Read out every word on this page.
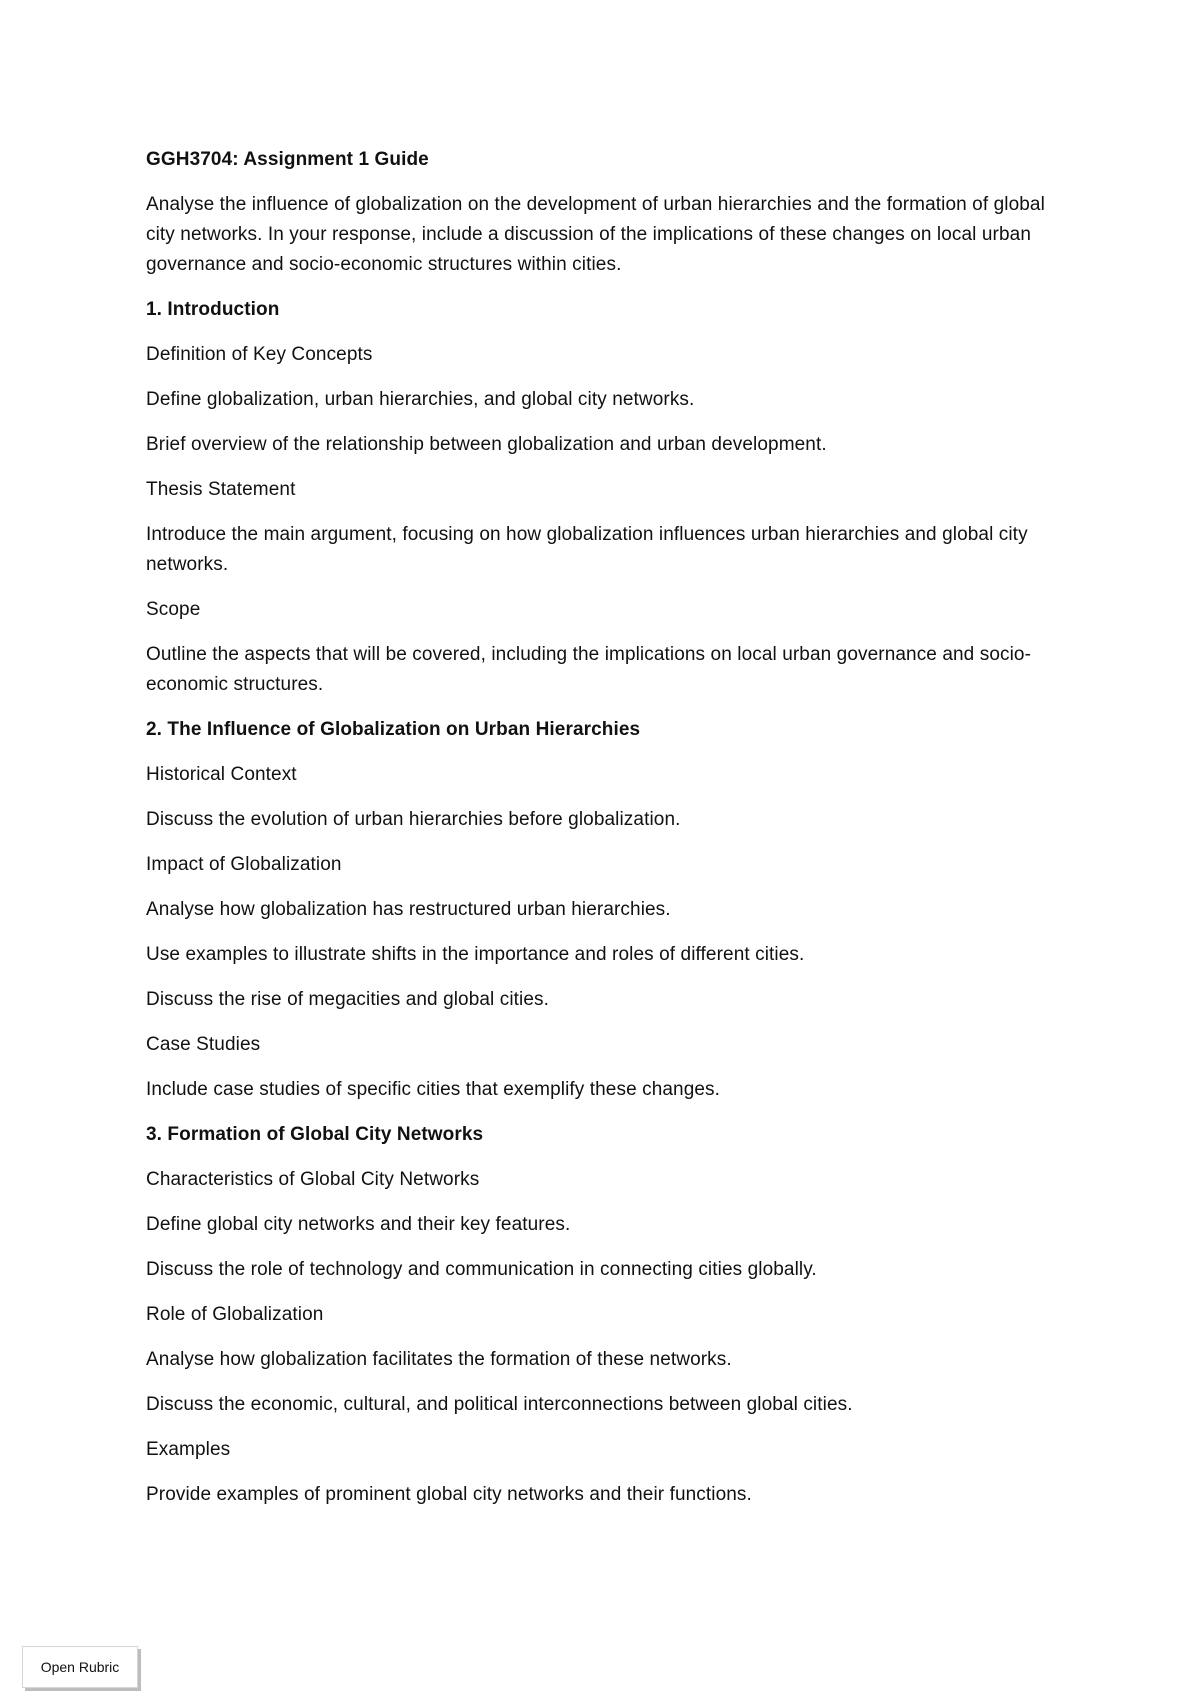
GGH3704: Assignment 1 Guide

Analyse the influence of globalization on the development of urban hierarchies and the formation of global city networks. In your response, include a discussion of the implications of these changes on local urban governance and socio-economic structures within cities.

1. Introduction

Definition of Key Concepts

Define globalization, urban hierarchies, and global city networks.

Brief overview of the relationship between globalization and urban development.

Thesis Statement

Introduce the main argument, focusing on how globalization influences urban hierarchies and global city networks.

Scope

Outline the aspects that will be covered, including the implications on local urban governance and socio-economic structures.

2. The Influence of Globalization on Urban Hierarchies

Historical Context

Discuss the evolution of urban hierarchies before globalization.

Impact of Globalization

Analyse how globalization has restructured urban hierarchies.

Use examples to illustrate shifts in the importance and roles of different cities.

Discuss the rise of megacities and global cities.

Case Studies

Include case studies of specific cities that exemplify these changes.

3. Formation of Global City Networks

Characteristics of Global City Networks

Define global city networks and their key features.

Discuss the role of technology and communication in connecting cities globally.

Role of Globalization

Analyse how globalization facilitates the formation of these networks.

Discuss the economic, cultural, and political interconnections between global cities.

Examples

Provide examples of prominent global city networks and their functions.

Open Rubric
